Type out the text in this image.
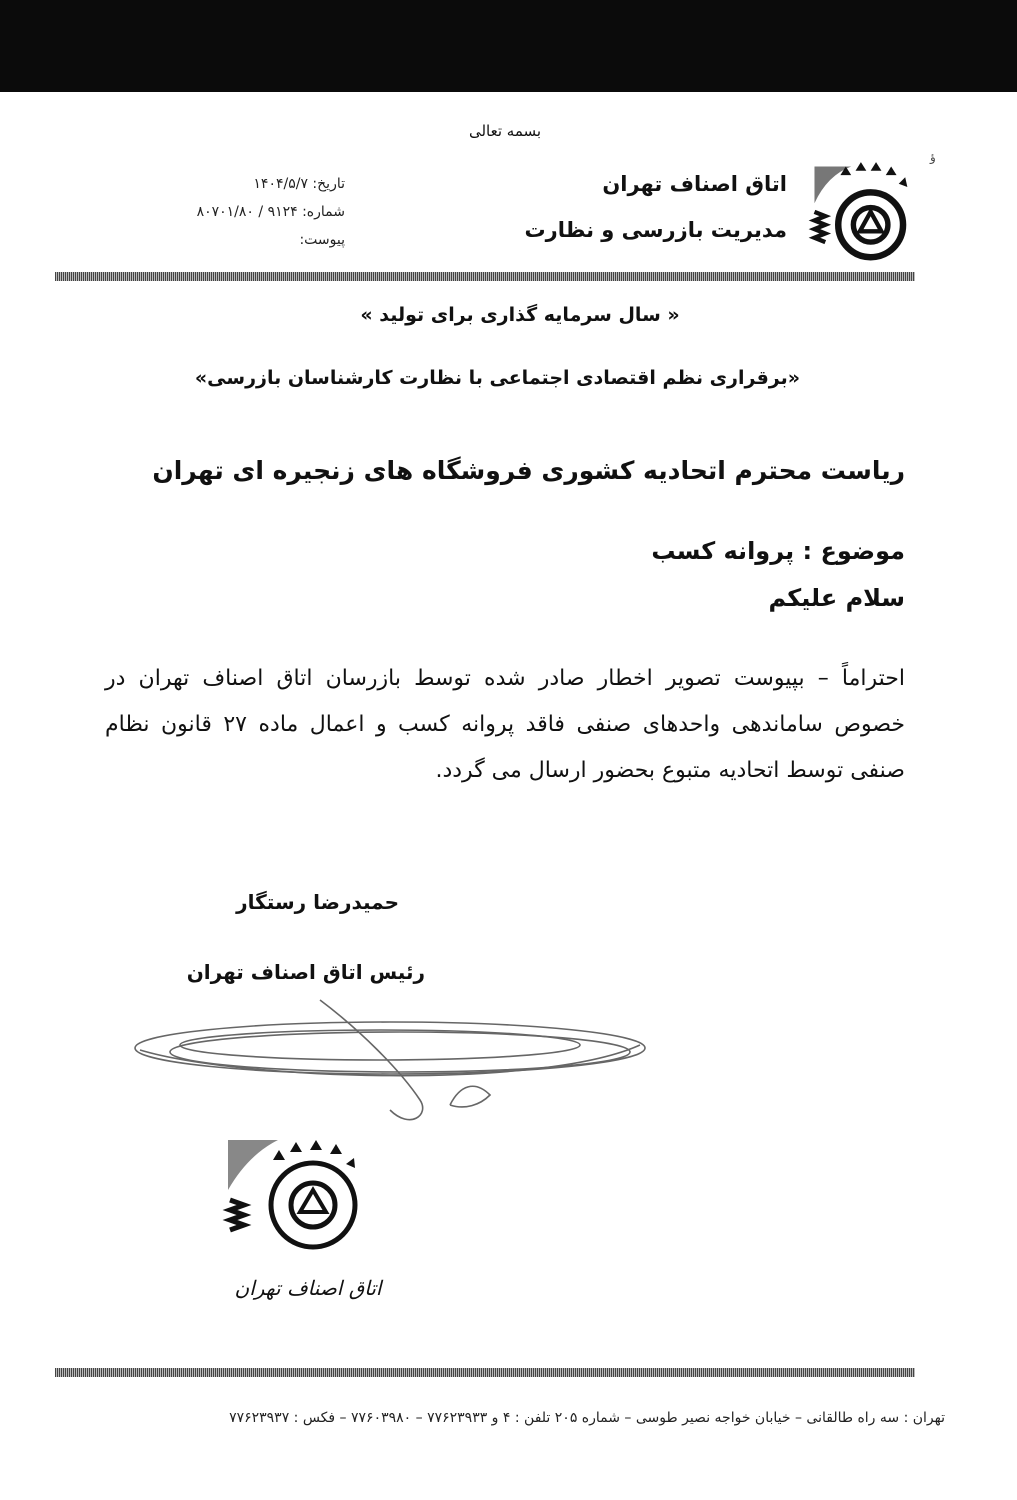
بسمه تعالی
اتاق اصناف تهران
مدیریت بازرسی و نظارت
تاریخ: ۱۴۰۴/۵/۷
شماره: ۹۱۲۴ / ۸۰۷۰۱/۸۰
پیوست:
ؤ
« سال سرمایه گذاری برای تولید »
«برقراری نظم اقتصادی اجتماعی با نظارت کارشناسان بازرسی»
ریاست محترم اتحادیه کشوری فروشگاه های زنجیره ای تهران
موضوع : پروانه کسب
سلام علیکم
احتراماً – بپیوست تصویر اخطار صادر شده توسط بازرسان اتاق اصناف تهران در خصوص ساماندهی واحدهای صنفی فاقد پروانه کسب و اعمال ماده ۲۷ قانون نظام صنفی توسط اتحادیه متبوع بحضور ارسال می گردد.
حمیدرضا رستگار
رئیس اتاق اصناف تهران
اتاق اصناف تهران
تهران : سه راه طالقانی – خیابان خواجه نصیر طوسی – شماره ۲۰۵ تلفن : ۴ و ۷۷۶۲۳۹۳۳ – ۷۷۶۰۳۹۸۰ – فکس : ۷۷۶۲۳۹۳۷
